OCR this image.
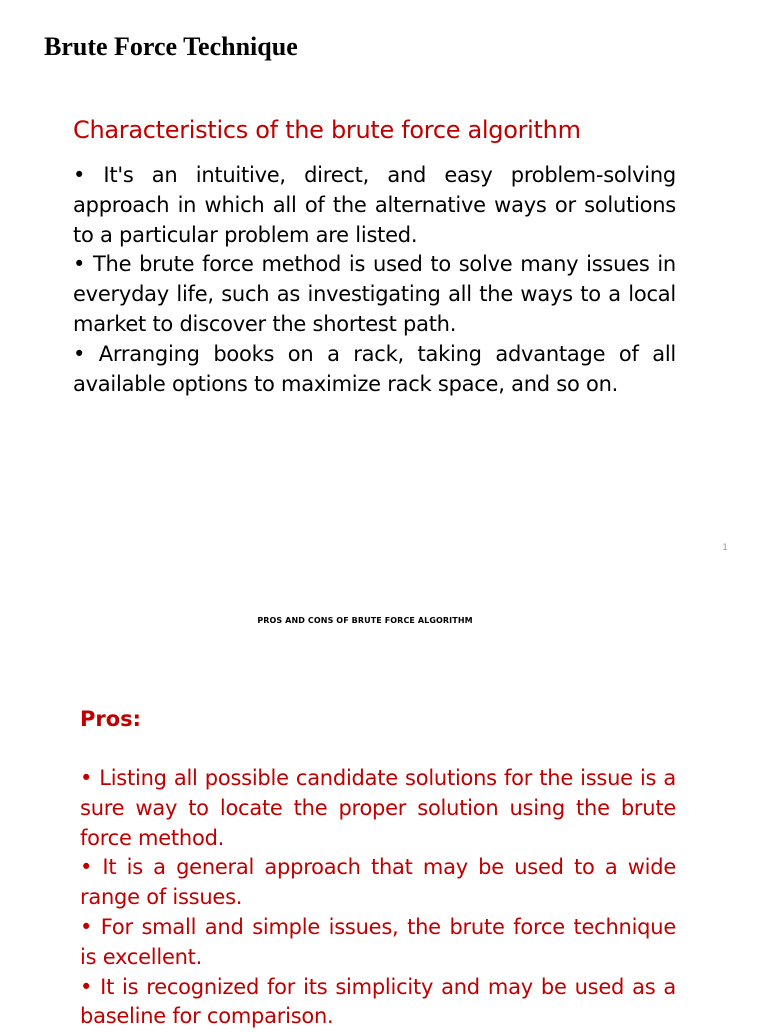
Brute Force Technique
Characteristics of the brute force algorithm

• It's an intuitive, direct, and easy problem-solving approach in which all of the alternative ways or solutions to a particular problem are listed.

• The brute force method is used to solve many issues in everyday life, such as investigating all the ways to a local market to discover the shortest path.

• Arranging books on a rack, taking advantage of all available options to maximize rack space, and so on.

1
PROS AND CONS OF BRUTE FORCE ALGORITHM
Pros:

• Listing all possible candidate solutions for the issue is a sure way to locate the proper solution using the brute force method.

• It is a general approach that may be used to a wide range of issues.

• For small and simple issues, the brute force technique is excellent.

• It is recognized for its simplicity and may be used as a baseline for comparison.
